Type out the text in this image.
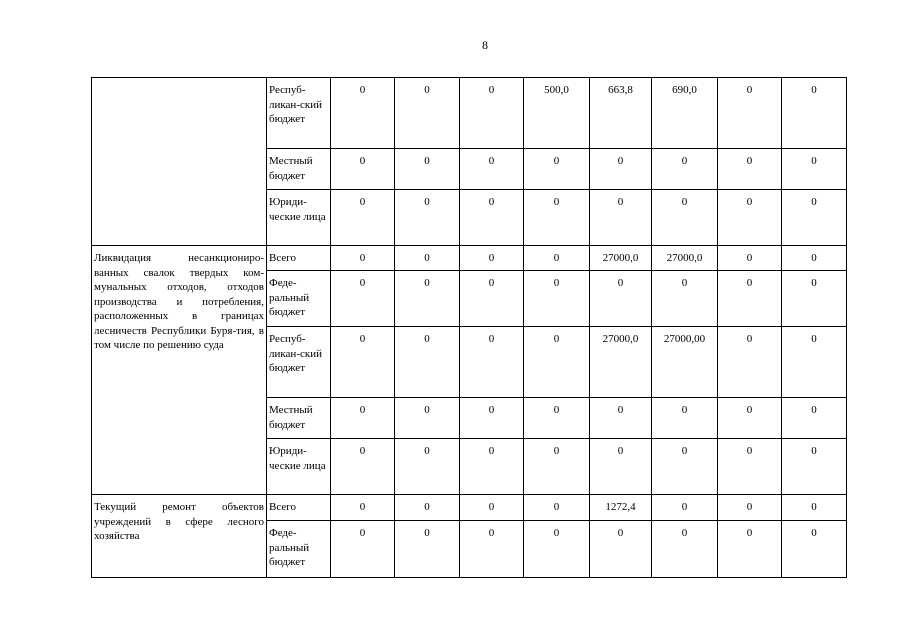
8
	Респуб-ликан-ский бюджет	0	0	0	500,0	663,8	690,0	0	0
	Местный бюджет	0	0	0	0	0	0	0	0
	Юриди-ческие лица	0	0	0	0	0	0	0	0
Ликвидация несанкциониро-ванных свалок твердых ком-мунальных отходов, отходов производства и потребления, расположенных в границах лесничеств Республики Буря-тия, в том числе по решению суда	Всего	0	0	0	0	27000,0	27000,0	0	0
	Феде-ральный бюджет	0	0	0	0	0	0	0	0
	Респуб-ликан-ский бюджет	0	0	0	0	27000,0	27000,00	0	0
	Местный бюджет	0	0	0	0	0	0	0	0
	Юриди-ческие лица	0	0	0	0	0	0	0	0
Текущий ремонт объектов учреждений в сфере лесного хозяйства	Всего	0	0	0	0	1272,4	0	0	0
	Феде-ральный бюджет	0	0	0	0	0	0	0	0
